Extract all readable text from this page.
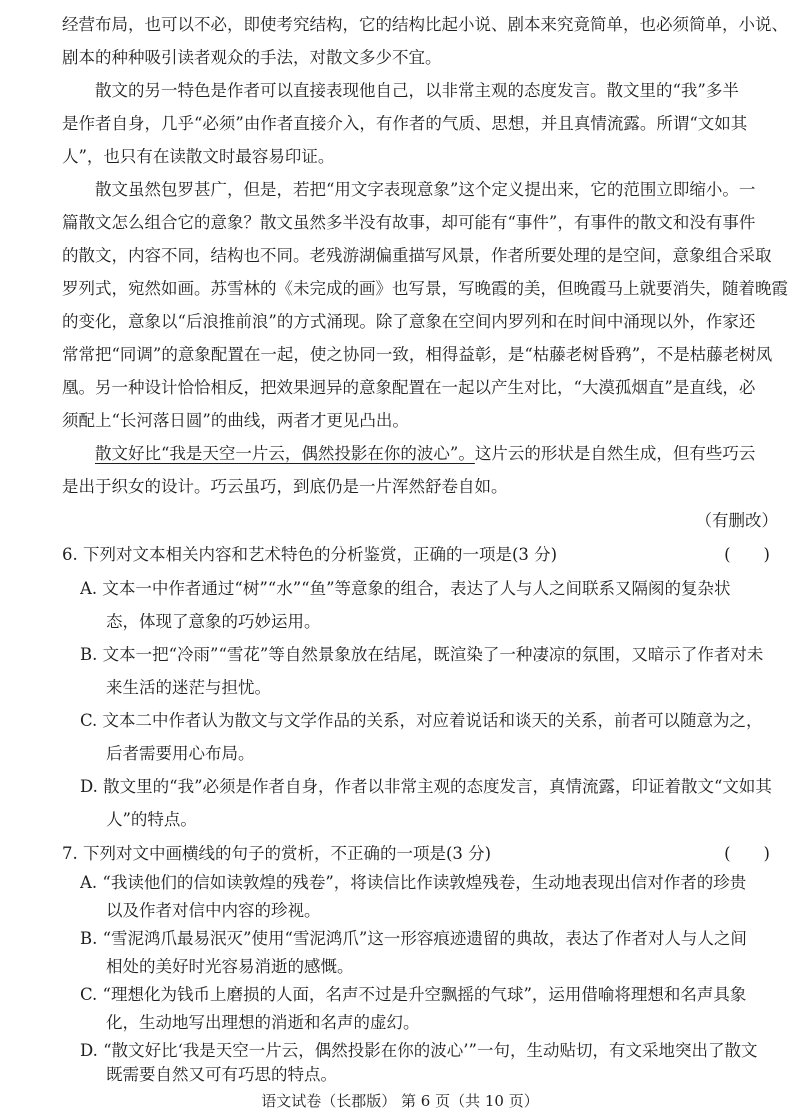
经营布局，也可以不必，即使考究结构，它的结构比起小说、剧本来究竟简单，也必须简单，小说、
剧本的种种吸引读者观众的手法，对散文多少不宜。
散文的另一特色是作者可以直接表现他自己，以非常主观的态度发言。散文里的“我”多半
是作者自身，几乎“必须”由作者直接介入，有作者的气质、思想，并且真情流露。所谓“文如其
人”，也只有在读散文时最容易印证。
散文虽然包罗甚广，但是，若把“用文字表现意象”这个定义提出来，它的范围立即缩小。一
篇散文怎么组合它的意象？散文虽然多半没有故事，却可能有“事件”，有事件的散文和没有事件
的散文，内容不同，结构也不同。老残游湖偏重描写风景，作者所要处理的是空间，意象组合采取
罗列式，宛然如画。苏雪林的《未完成的画》也写景，写晚霞的美，但晚霞马上就要消失，随着晚霞
的变化，意象以“后浪推前浪”的方式涌现。除了意象在空间内罗列和在时间中涌现以外，作家还
常常把“同调”的意象配置在一起，使之协同一致，相得益彰，是“枯藤老树昏鸦”，不是枯藤老树凤
凰。另一种设计恰恰相反，把效果迥异的意象配置在一起以产生对比，“大漠孤烟直”是直线，必
须配上“长河落日圆”的曲线，两者才更见凸出。
散文好比“我是天空一片云，偶然投影在你的波心”。这片云的形状是自然生成，但有些巧云
是出于织女的设计。巧云虽巧，到底仍是一片浑然舒卷自如。
（有删改）
6. 下列对文本相关内容和艺术特色的分析鉴赏，正确的一项是(3 分)	(　　)
A. 文本一中作者通过“树”“水”“鱼”等意象的组合，表达了人与人之间联系又隔阂的复杂状
态，体现了意象的巧妙运用。
B. 文本一把“冷雨”“雪花”等自然景象放在结尾，既渲染了一种凄凉的氛围，又暗示了作者对未
来生活的迷茫与担忧。
C. 文本二中作者认为散文与文学作品的关系，对应着说话和谈天的关系，前者可以随意为之，
后者需要用心布局。
D. 散文里的“我”必须是作者自身，作者以非常主观的态度发言，真情流露，印证着散文“文如其
人”的特点。
7. 下列对文中画横线的句子的赏析，不正确的一项是(3 分)	(　　)
A. “我读他们的信如读敦煌的残卷”，将读信比作读敦煌残卷，生动地表现出信对作者的珍贵
以及作者对信中内容的珍视。
B. “雪泥鸿爪最易泯灭”使用“雪泥鸿爪”这一形容痕迹遗留的典故，表达了作者对人与人之间
相处的美好时光容易消逝的感慨。
C. “理想化为钱币上磨损的人面，名声不过是升空飘摇的气球”，运用借喻将理想和名声具象
化，生动地写出理想的消逝和名声的虚幻。
D. “散文好比‘我是天空一片云，偶然投影在你的波心’”一句，生动贴切，有文采地突出了散文
既需要自然又可有巧思的特点。
语文试卷（长郡版） 第 6 页（共 10 页）
